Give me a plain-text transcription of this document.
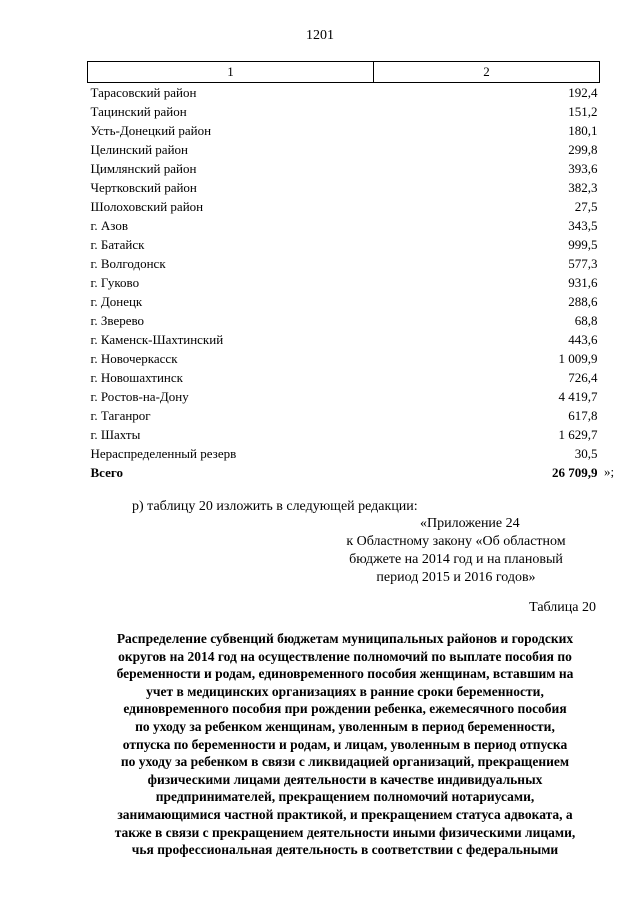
1201
1	2
Тарасовский район	192,4
Тацинский район	151,2
Усть-Донецкий район	180,1
Целинский район	299,8
Цимлянский район	393,6
Чертковский район	382,3
Шолоховский район	27,5
г. Азов	343,5
г. Батайск	999,5
г. Волгодонск	577,3
г. Гуково	931,6
г. Донецк	288,6
г. Зверево	68,8
г. Каменск-Шахтинский	443,6
г. Новочеркасск	1 009,9
г. Новошахтинск	726,4
г. Ростов-на-Дону	4 419,7
г. Таганрог	617,8
г. Шахты	1 629,7
Нераспределенный резерв	30,5
Всего	26 709,9 »;
р) таблицу 20 изложить в следующей редакции:
«Приложение 24
к Областному закону «Об областном
бюджете на 2014 год и на плановый
период 2015 и 2016 годов»
Таблица 20
Распределение субвенций бюджетам муниципальных районов и городских
округов на 2014 год на осуществление полномочий по выплате пособия по
беременности и родам, единовременного пособия женщинам, вставшим на
учет в медицинских организациях в ранние сроки беременности,
единовременного пособия при рождении ребенка, ежемесячного пособия
по уходу за ребенком женщинам, уволенным в период беременности,
отпуска по беременности и родам, и лицам, уволенным в период отпуска
по уходу за ребенком в связи с ликвидацией организаций, прекращением
физическими лицами деятельности в качестве индивидуальных
предпринимателей, прекращением полномочий нотариусами,
занимающимися частной практикой, и прекращением статуса адвоката, а
также в связи с прекращением деятельности иными физическими лицами,
чья профессиональная деятельность в соответствии с федеральными
